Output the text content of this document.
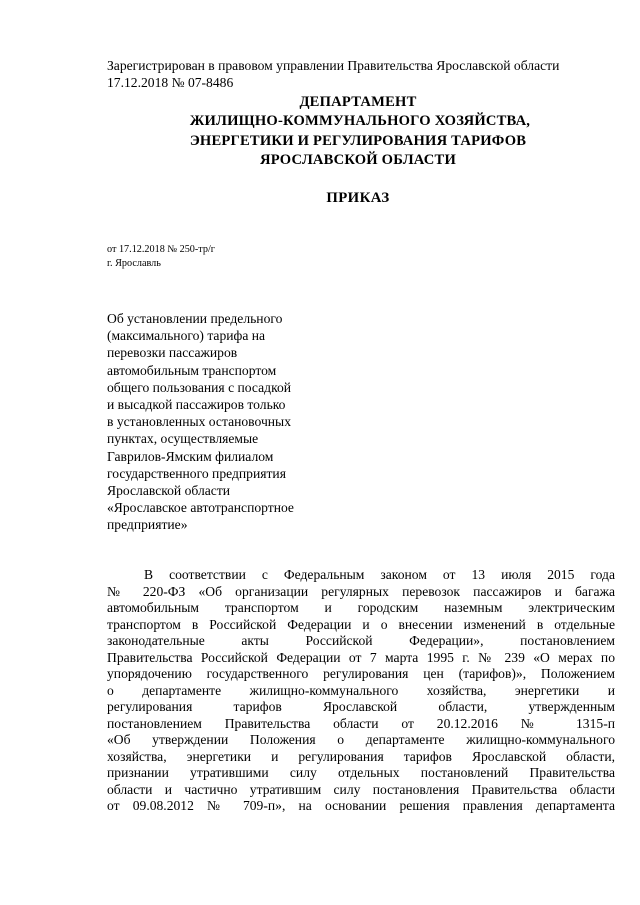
Зарегистрирован в правовом управлении Правительства Ярославской области
17.12.2018 № 07-8486
ДЕПАРТАМЕНТ
ЖИЛИЩНО-КОММУНАЛЬНОГО ХОЗЯЙСТВА,
ЭНЕРГЕТИКИ И РЕГУЛИРОВАНИЯ ТАРИФОВ
ЯРОСЛАВСКОЙ ОБЛАСТИ
ПРИКАЗ
от 17.12.2018 № 250-тр/г
г. Ярославль
Об установлении предельного
(максимального) тарифа на
перевозки пассажиров
автомобильным транспортом
общего пользования с посадкой
и высадкой пассажиров только
в установленных остановочных
пунктах, осуществляемые
Гаврилов-Ямским филиалом
государственного предприятия
Ярославской области
«Ярославское автотранспортное
предприятие»
В соответствии с Федеральным законом от 13 июля 2015 года
№ 220-ФЗ «Об организации регулярных перевозок пассажиров и багажа
автомобильным транспортом и городским наземным электрическим
транспортом в Российской Федерации и о внесении изменений в отдельные
законодательные акты Российской Федерации», постановлением
Правительства Российской Федерации от 7 марта 1995 г. № 239 «О мерах по
упорядочению государственного регулирования цен (тарифов)», Положением
о департаменте жилищно-коммунального хозяйства, энергетики и
регулирования тарифов Ярославской области, утвержденным
постановлением Правительства области от 20.12.2016 № 1315-п
«Об утверждении Положения о департаменте жилищно-коммунального
хозяйства, энергетики и регулирования тарифов Ярославской области,
признании утратившими силу отдельных постановлений Правительства
области и частично утратившим силу постановления Правительства области
от 09.08.2012 № 709-п», на основании решения правления департамента
